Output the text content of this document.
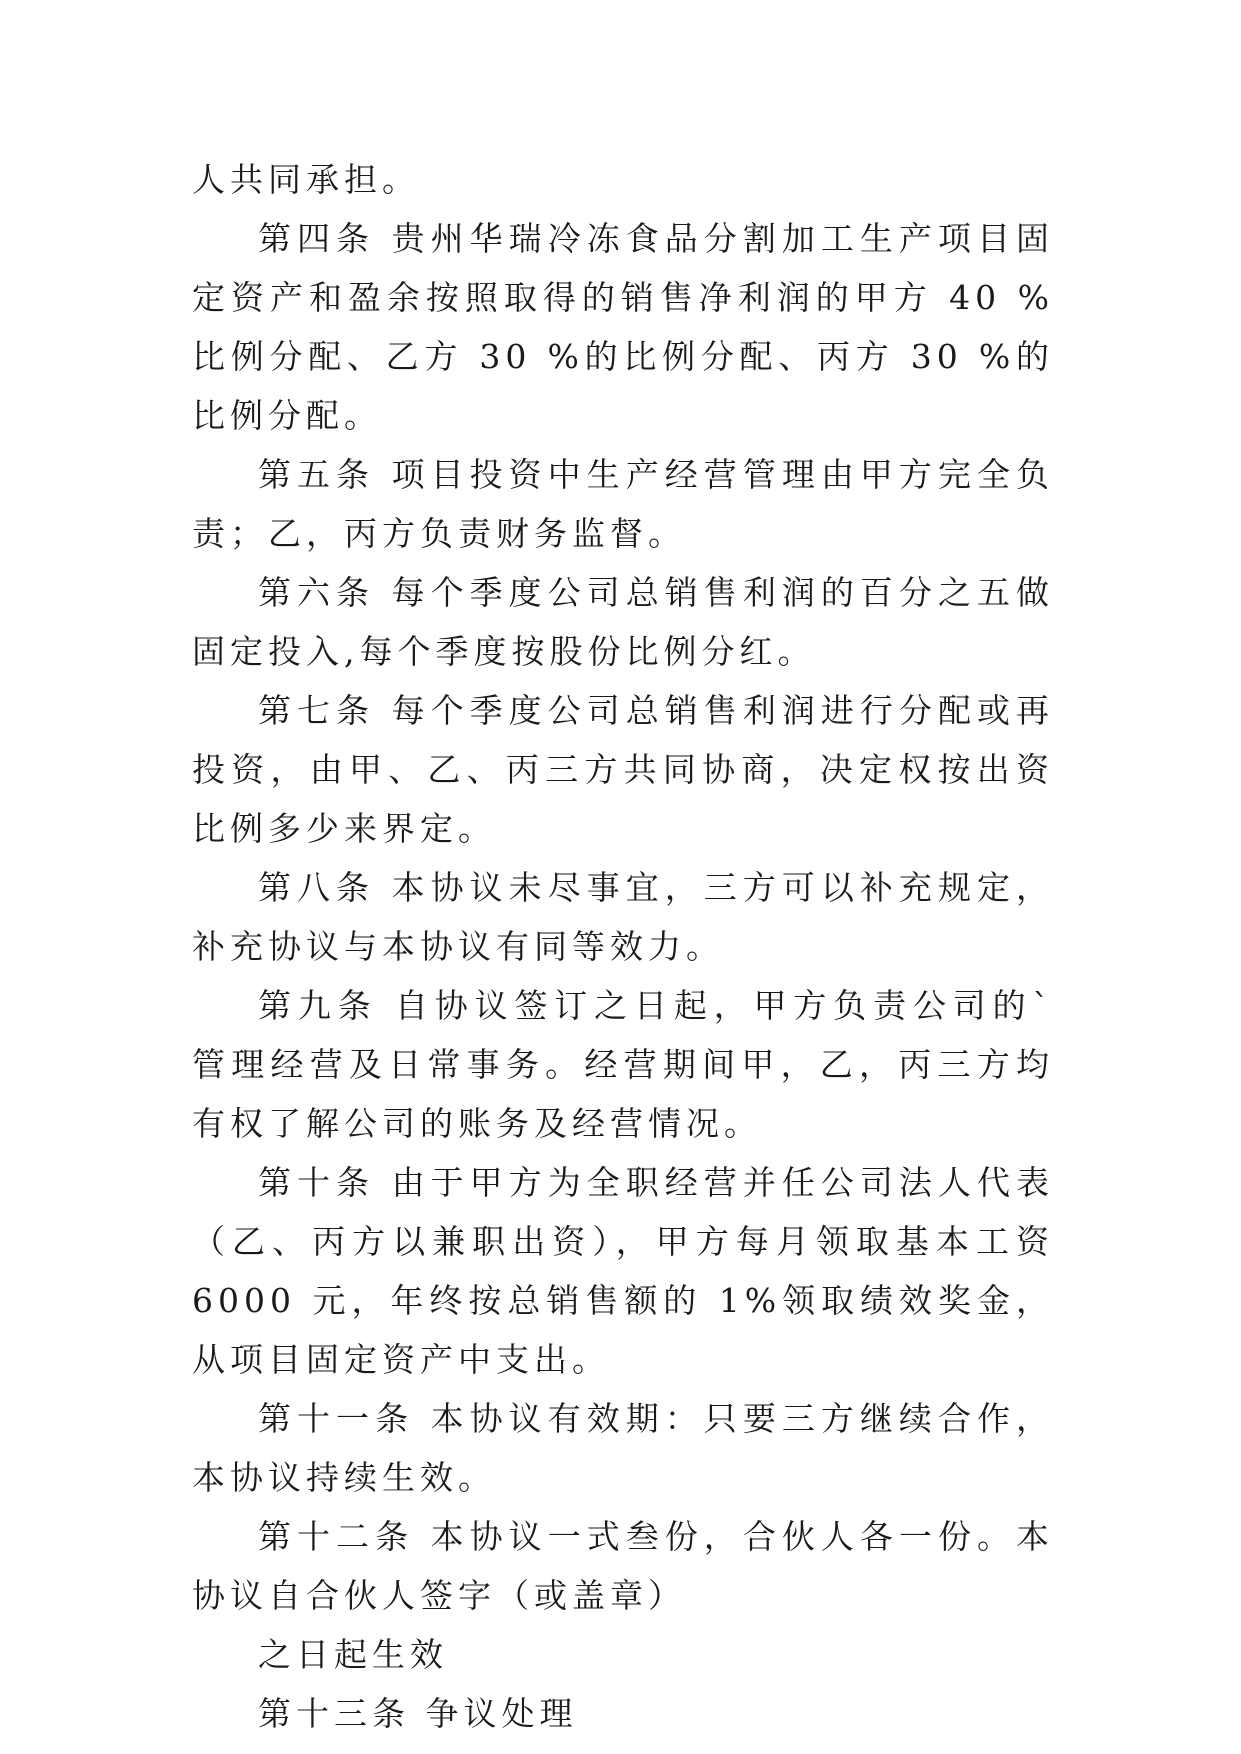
人共同承担。

第四条 贵州华瑞冷冻食品分割加工生产项目固定资产和盈余按照取得的销售净利润的甲方 40 %比例分配、乙方 30 %的比例分配、丙方 30 %的比例分配。

第五条 项目投资中生产经营管理由甲方完全负责；乙，丙方负责财务监督。

第六条 每个季度公司总销售利润的百分之五做固定投入,每个季度按股份比例分红。

第七条 每个季度公司总销售利润进行分配或再投资，由甲、乙、丙三方共同协商，决定权按出资比例多少来界定。

第八条 本协议未尽事宜，三方可以补充规定，补充协议与本协议有同等效力。

第九条 自协议签订之日起，甲方负责公司的`管理经营及日常事务。经营期间甲，乙，丙三方均有权了解公司的账务及经营情况。

第十条 由于甲方为全职经营并任公司法人代表（乙、丙方以兼职出资），甲方每月领取基本工资 6000 元，年终按总销售额的 1%领取绩效奖金，从项目固定资产中支出。

第十一条 本协议有效期：只要三方继续合作，本协议持续生效。

第十二条 本协议一式叁份，合伙人各一份。本协议自合伙人签字（或盖章）

之日起生效

第十三条 争议处理
